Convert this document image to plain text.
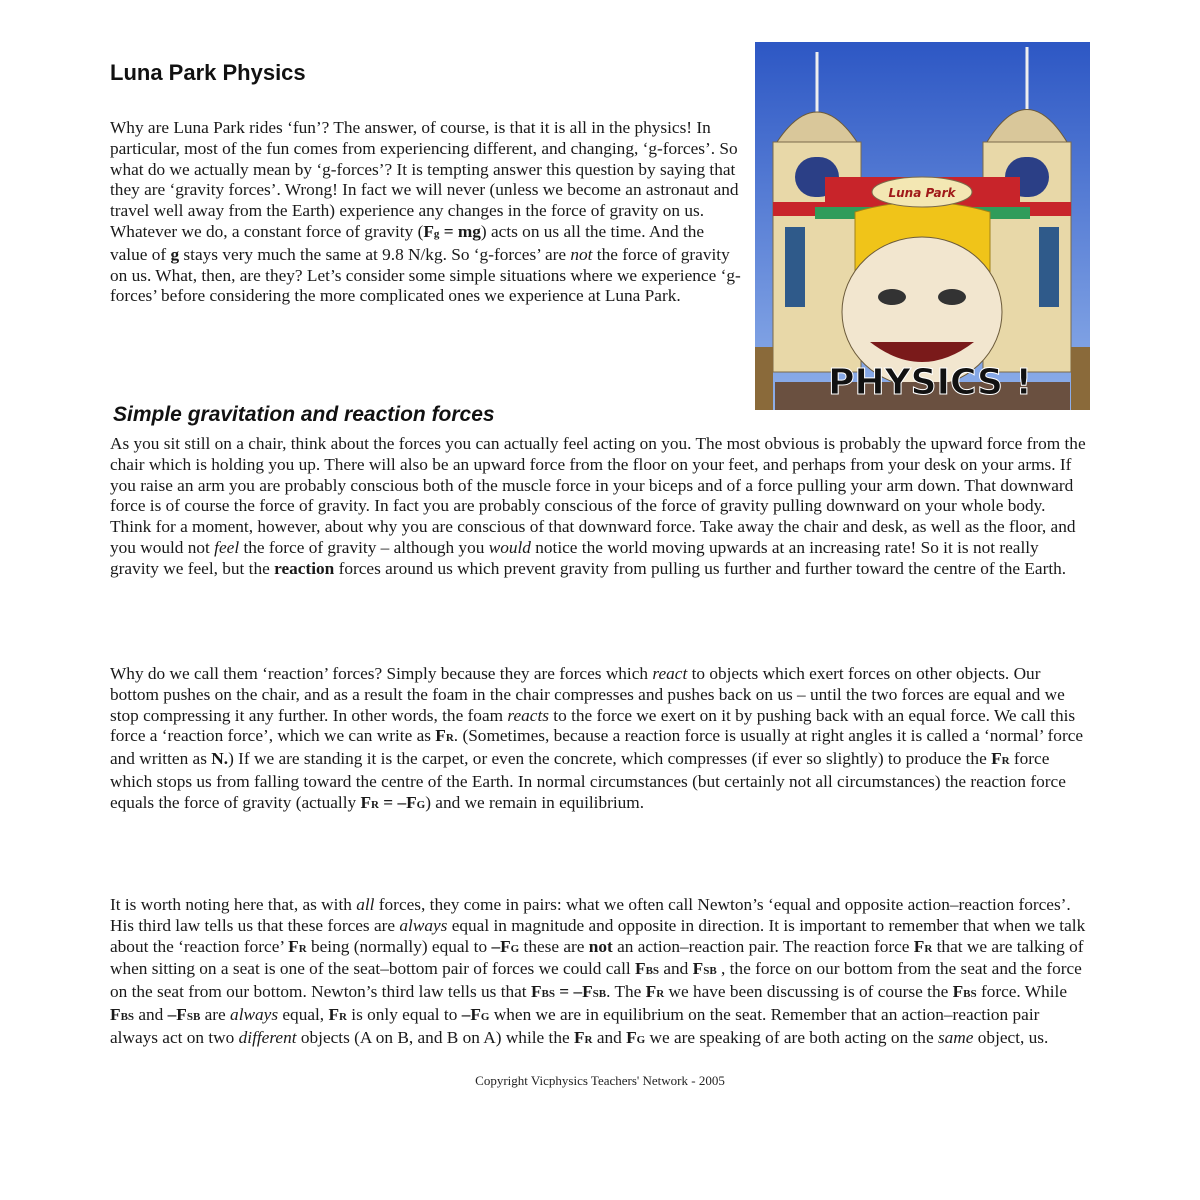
Luna Park Physics

Why are Luna Park rides ‘fun’? The answer, of course, is that it is all in the physics! In particular, most of the fun comes from experiencing different, and changing, ‘g-forces’. So what do we actually mean by ‘g-forces’? It is tempting answer this question by saying that they are ‘gravity forces’. Wrong! In fact we will never (unless we become an astronaut and travel well away from the Earth) experience any changes in the force of gravity on us. Whatever we do, a constant force of gravity (Fg = mg) acts on us all the time. And the value of g stays very much the same at 9.8 N/kg. So ‘g-forces’ are not the force of gravity on us. What, then, are they? Let’s consider some simple situations where we experience ‘g-forces’ before considering the more complicated ones we experience at Luna Park.

Luna Park
PHYSICS !
Simple gravitation and reaction forces

As you sit still on a chair, think about the forces you can actually feel acting on you. The most obvious is probably the upward force from the chair which is holding you up. There will also be an upward force from the floor on your feet, and perhaps from your desk on your arms. If you raise an arm you are probably conscious both of the muscle force in your biceps and of a force pulling your arm down. That downward force is of course the force of gravity. In fact you are probably conscious of the force of gravity pulling downward on your whole body. Think for a moment, however, about why you are conscious of that downward force. Take away the chair and desk, as well as the floor, and you would not feel the force of gravity – although you would notice the world moving upwards at an increasing rate! So it is not really gravity we feel, but the reaction forces around us which prevent gravity from pulling us further and further toward the centre of the Earth.

Why do we call them ‘reaction’ forces? Simply because they are forces which react to objects which exert forces on other objects. Our bottom pushes on the chair, and as a result the foam in the chair compresses and pushes back on us – until the two forces are equal and we stop compressing it any further. In other words, the foam reacts to the force we exert on it by pushing back with an equal force. We call this force a ‘reaction force’, which we can write as FR. (Sometimes, because a reaction force is usually at right angles it is called a ‘normal’ force and written as N.) If we are standing it is the carpet, or even the concrete, which compresses (if ever so slightly) to produce the FR force which stops us from falling toward the centre of the Earth. In normal circumstances (but certainly not all circumstances) the reaction force equals the force of gravity (actually FR = –FG) and we remain in equilibrium.

It is worth noting here that, as with all forces, they come in pairs: what we often call Newton’s ‘equal and opposite action–reaction forces’. His third law tells us that these forces are always equal in magnitude and opposite in direction. It is important to remember that when we talk about the ‘reaction force’ FR being (normally) equal to –FG these are not an action–reaction pair. The reaction force FR that we are talking of when sitting on a seat is one of the seat–bottom pair of forces we could call FBS and FSB , the force on our bottom from the seat and the force on the seat from our bottom. Newton’s third law tells us that FBS = –FSB. The FR we have been discussing is of course the FBS force. While FBS and –FSB are always equal, FR is only equal to –FG when we are in equilibrium on the seat. Remember that an action–reaction pair always act on two different objects (A on B, and B on A) while the FR and FG we are speaking of are both acting on the same object, us.

Copyright Vicphysics Teachers' Network - 2005
